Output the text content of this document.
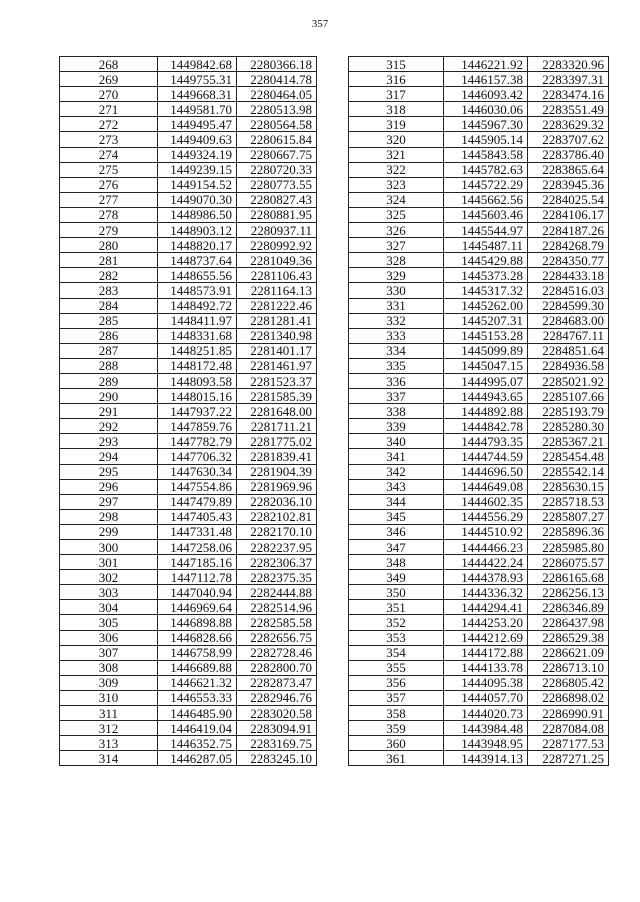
357
268	1449842.68	2280366.18
269	1449755.31	2280414.78
270	1449668.31	2280464.05
271	1449581.70	2280513.98
272	1449495.47	2280564.58
273	1449409.63	2280615.84
274	1449324.19	2280667.75
275	1449239.15	2280720.33
276	1449154.52	2280773.55
277	1449070.30	2280827.43
278	1448986.50	2280881.95
279	1448903.12	2280937.11
280	1448820.17	2280992.92
281	1448737.64	2281049.36
282	1448655.56	2281106.43
283	1448573.91	2281164.13
284	1448492.72	2281222.46
285	1448411.97	2281281.41
286	1448331.68	2281340.98
287	1448251.85	2281401.17
288	1448172.48	2281461.97
289	1448093.58	2281523.37
290	1448015.16	2281585.39
291	1447937.22	2281648.00
292	1447859.76	2281711.21
293	1447782.79	2281775.02
294	1447706.32	2281839.41
295	1447630.34	2281904.39
296	1447554.86	2281969.96
297	1447479.89	2282036.10
298	1447405.43	2282102.81
299	1447331.48	2282170.10
300	1447258.06	2282237.95
301	1447185.16	2282306.37
302	1447112.78	2282375.35
303	1447040.94	2282444.88
304	1446969.64	2282514.96
305	1446898.88	2282585.58
306	1446828.66	2282656.75
307	1446758.99	2282728.46
308	1446689.88	2282800.70
309	1446621.32	2282873.47
310	1446553.33	2282946.76
311	1446485.90	2283020.58
312	1446419.04	2283094.91
313	1446352.75	2283169.75
314	1446287.05	2283245.10
315	1446221.92	2283320.96
316	1446157.38	2283397.31
317	1446093.42	2283474.16
318	1446030.06	2283551.49
319	1445967.30	2283629.32
320	1445905.14	2283707.62
321	1445843.58	2283786.40
322	1445782.63	2283865.64
323	1445722.29	2283945.36
324	1445662.56	2284025.54
325	1445603.46	2284106.17
326	1445544.97	2284187.26
327	1445487.11	2284268.79
328	1445429.88	2284350.77
329	1445373.28	2284433.18
330	1445317.32	2284516.03
331	1445262.00	2284599.30
332	1445207.31	2284683.00
333	1445153.28	2284767.11
334	1445099.89	2284851.64
335	1445047.15	2284936.58
336	1444995.07	2285021.92
337	1444943.65	2285107.66
338	1444892.88	2285193.79
339	1444842.78	2285280.30
340	1444793.35	2285367.21
341	1444744.59	2285454.48
342	1444696.50	2285542.14
343	1444649.08	2285630.15
344	1444602.35	2285718.53
345	1444556.29	2285807.27
346	1444510.92	2285896.36
347	1444466.23	2285985.80
348	1444422.24	2286075.57
349	1444378.93	2286165.68
350	1444336.32	2286256.13
351	1444294.41	2286346.89
352	1444253.20	2286437.98
353	1444212.69	2286529.38
354	1444172.88	2286621.09
355	1444133.78	2286713.10
356	1444095.38	2286805.42
357	1444057.70	2286898.02
358	1444020.73	2286990.91
359	1443984.48	2287084.08
360	1443948.95	2287177.53
361	1443914.13	2287271.25
